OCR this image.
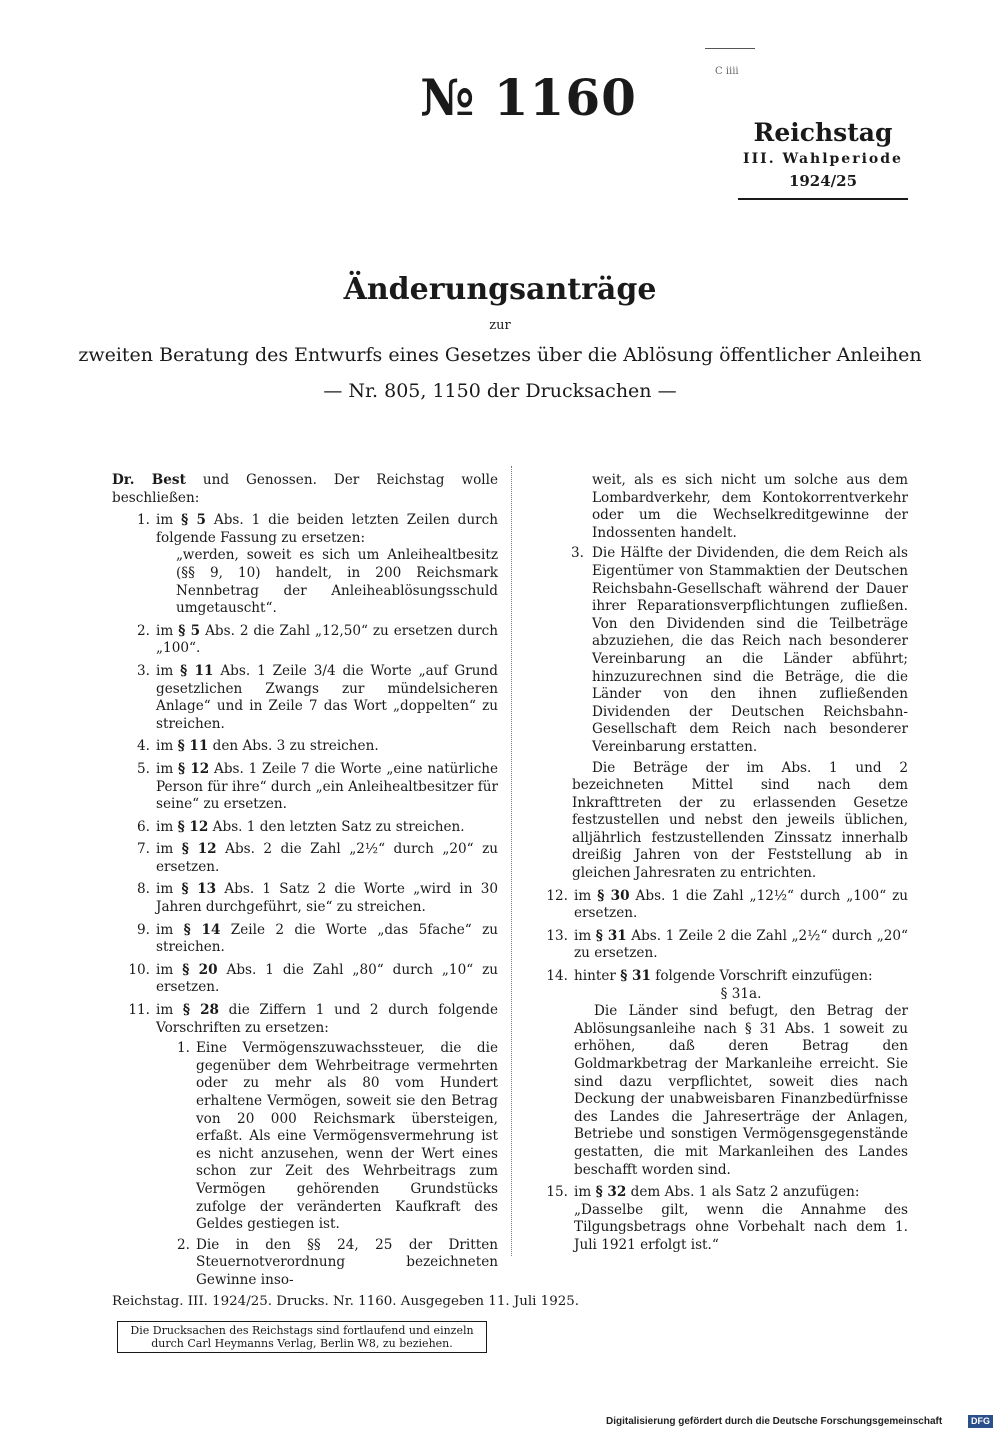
C iiii
№ 1160
Reichstag
III. Wahlperiode
1924/25
Änderungsanträge
zur
zweiten Beratung des Entwurfs eines Gesetzes über die Ablösung öffentlicher Anleihen
— Nr. 805, 1150 der Drucksachen —

Dr. Best und Genossen. Der Reichstag wolle beschließen:

1. im § 5 Abs. 1 die beiden letzten Zeilen durch folgende Fassung zu ersetzen:

„werden, soweit es sich um Anleihealtbesitz (§§ 9, 10) handelt, in 200 Reichsmark Nennbetrag der Anleiheablösungsschuld umgetauscht“.

2. im § 5 Abs. 2 die Zahl „12,50“ zu ersetzen durch „100“.
3. im § 11 Abs. 1 Zeile 3/4 die Worte „auf Grund gesetzlichen Zwangs zur mündelsicheren Anlage“ und in Zeile 7 das Wort „doppelten“ zu streichen.
4. im § 11 den Abs. 3 zu streichen.
5. im § 12 Abs. 1 Zeile 7 die Worte „eine natürliche Person für ihre“ durch „ein Anleihealtbesitzer für seine“ zu ersetzen.
6. im § 12 Abs. 1 den letzten Satz zu streichen.
7. im § 12 Abs. 2 die Zahl „2½“ durch „20“ zu ersetzen.
8. im § 13 Abs. 1 Satz 2 die Worte „wird in 30 Jahren durchgeführt, sie“ zu streichen.
9. im § 14 Zeile 2 die Worte „das 5fache“ zu streichen.
10. im § 20 Abs. 1 die Zahl „80“ durch „10“ zu ersetzen.
11. im § 28 die Ziffern 1 und 2 durch folgende Vorschriften zu ersetzen:
1. Eine Vermögenszuwachssteuer, die die gegenüber dem Wehrbeitrage vermehrten oder zu mehr als 80 vom Hundert erhaltene Vermögen, soweit sie den Betrag von 20 000 Reichsmark übersteigen, erfaßt. Als eine Vermögensvermehrung ist es nicht anzusehen, wenn der Wert eines schon zur Zeit des Wehrbeitrags zum Vermögen gehörenden Grundstücks zufolge der veränderten Kaufkraft des Geldes gestiegen ist.
2. Die in den §§ 24, 25 der Dritten Steuernotverordnung bezeichneten Gewinne inso-

weit, als es sich nicht um solche aus dem Lombardverkehr, dem Kontokorrentverkehr oder um die Wechselkreditgewinne der Indossenten handelt.

3. Die Hälfte der Dividenden, die dem Reich als Eigentümer von Stammaktien der Deutschen Reichsbahn-Gesellschaft während der Dauer ihrer Reparationsverpflichtungen zufließen. Von den Dividenden sind die Teilbeträge abzuziehen, die das Reich nach besonderer Vereinbarung an die Länder abführt; hinzuzurechnen sind die Beträge, die die Länder von den ihnen zufließenden Dividenden der Deutschen Reichsbahn-Gesellschaft dem Reich nach besonderer Vereinbarung erstatten.

Die Beträge der im Abs. 1 und 2 bezeichneten Mittel sind nach dem Inkrafttreten der zu erlassenden Gesetze festzustellen und nebst den jeweils üblichen, alljährlich festzustellenden Zinssatz innerhalb dreißig Jahren von der Feststellung ab in gleichen Jahresraten zu entrichten.

12. im § 30 Abs. 1 die Zahl „12½“ durch „100“ zu ersetzen.
13. im § 31 Abs. 1 Zeile 2 die Zahl „2½“ durch „20“ zu ersetzen.
14. hinter § 31 folgende Vorschrift einzufügen:

§ 31a.

Die Länder sind befugt, den Betrag der Ablösungsanleihe nach § 31 Abs. 1 soweit zu erhöhen, daß deren Betrag den Goldmarkbetrag der Markanleihe erreicht. Sie sind dazu verpflichtet, soweit dies nach Deckung der unabweisbaren Finanzbedürfnisse des Landes die Jahreserträge der Anlagen, Betriebe und sonstigen Vermögensgegenstände gestatten, die mit Markanleihen des Landes beschafft worden sind.

15. im § 32 dem Abs. 1 als Satz 2 anzufügen:

„Dasselbe gilt, wenn die Annahme des Tilgungsbetrags ohne Vorbehalt nach dem 1. Juli 1921 erfolgt ist.“

Reichstag. III. 1924/25. Drucks. Nr. 1160. Ausgegeben 11. Juli 1925.
Die Drucksachen des Reichstags sind fortlaufend und einzeln
durch Carl Heymanns Verlag, Berlin W8, zu beziehen.
Digitalisierung gefördert durch die Deutsche Forschungsgemeinschaft	DFG
